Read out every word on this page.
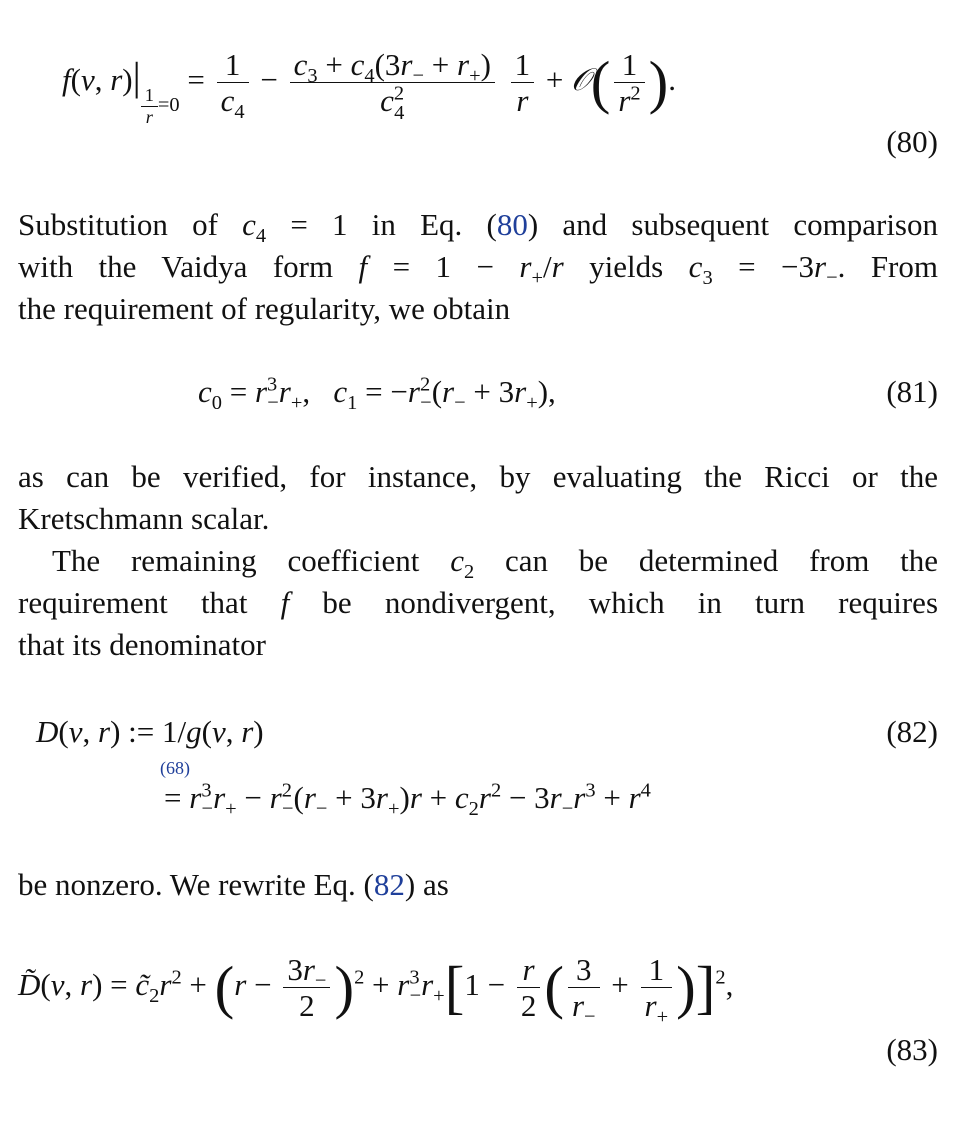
f(v, r)|
$_{\frac{1}{r} =0} = \frac{1}{c_4} - \frac{c_3 + c_4(3r_- + r_+)}{c^2_4}$
$\frac{1}{r}$ + 𝒪( $\frac{1}{r^2}$ ).
(80)
Substitution of $c_4 = 1$ in Eq. (80) and subsequent comparison
with the Vaidya form $f = 1 - r_+/r$ yields $c_3 = -3r_-$. From
the requirement of regularity, we obtain
$c_0 = r^3_-r_+$,   $c_1 = -r^2_-(r_- + 3r_+)$,	(81)
as can be verified, for instance, by evaluating the Ricci or the
Kretschmann scalar.
The remaining coefficient $c_2$ can be determined from the
requirement that f be nondivergent, which in turn requires
that its denominator
D(v, r) := 1/g(v, r)	(82)
(68)
= $r^3_-r_+ - r^2_-(r_- + 3r_+)r + c_2r^2 - 3r_-r^3 + r^4$
be nonzero. We rewrite Eq. (82) as
D̃(v, $r) = c̃_2r^2 + (r - \frac{3r_-}{2} )^2 + r^3_-r_+[1 - \frac{r}{2}$ ( $\frac{3}{r_-} + \frac{1}{r_+} )]^2$,
(83)
